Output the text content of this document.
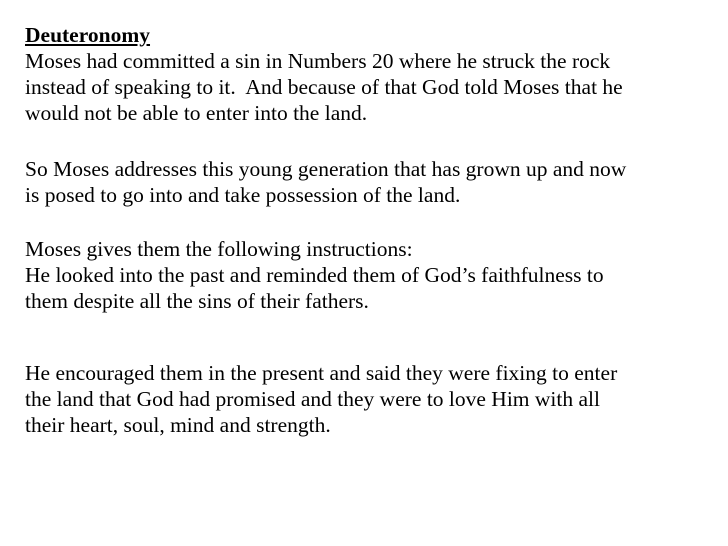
Deuteronomy

Moses had committed a sin in Numbers 20 where he struck the rock

instead of speaking to it.  And because of that God told Moses that he

would not be able to enter into the land.

So Moses addresses this young generation that has grown up and now

is posed to go into and take possession of the land.

Moses gives them the following instructions:

He looked into the past and reminded them of God’s faithfulness to

them despite all the sins of their fathers.

He encouraged them in the present and said they were fixing to enter

the land that God had promised and they were to love Him with all

their heart, soul, mind and strength.
